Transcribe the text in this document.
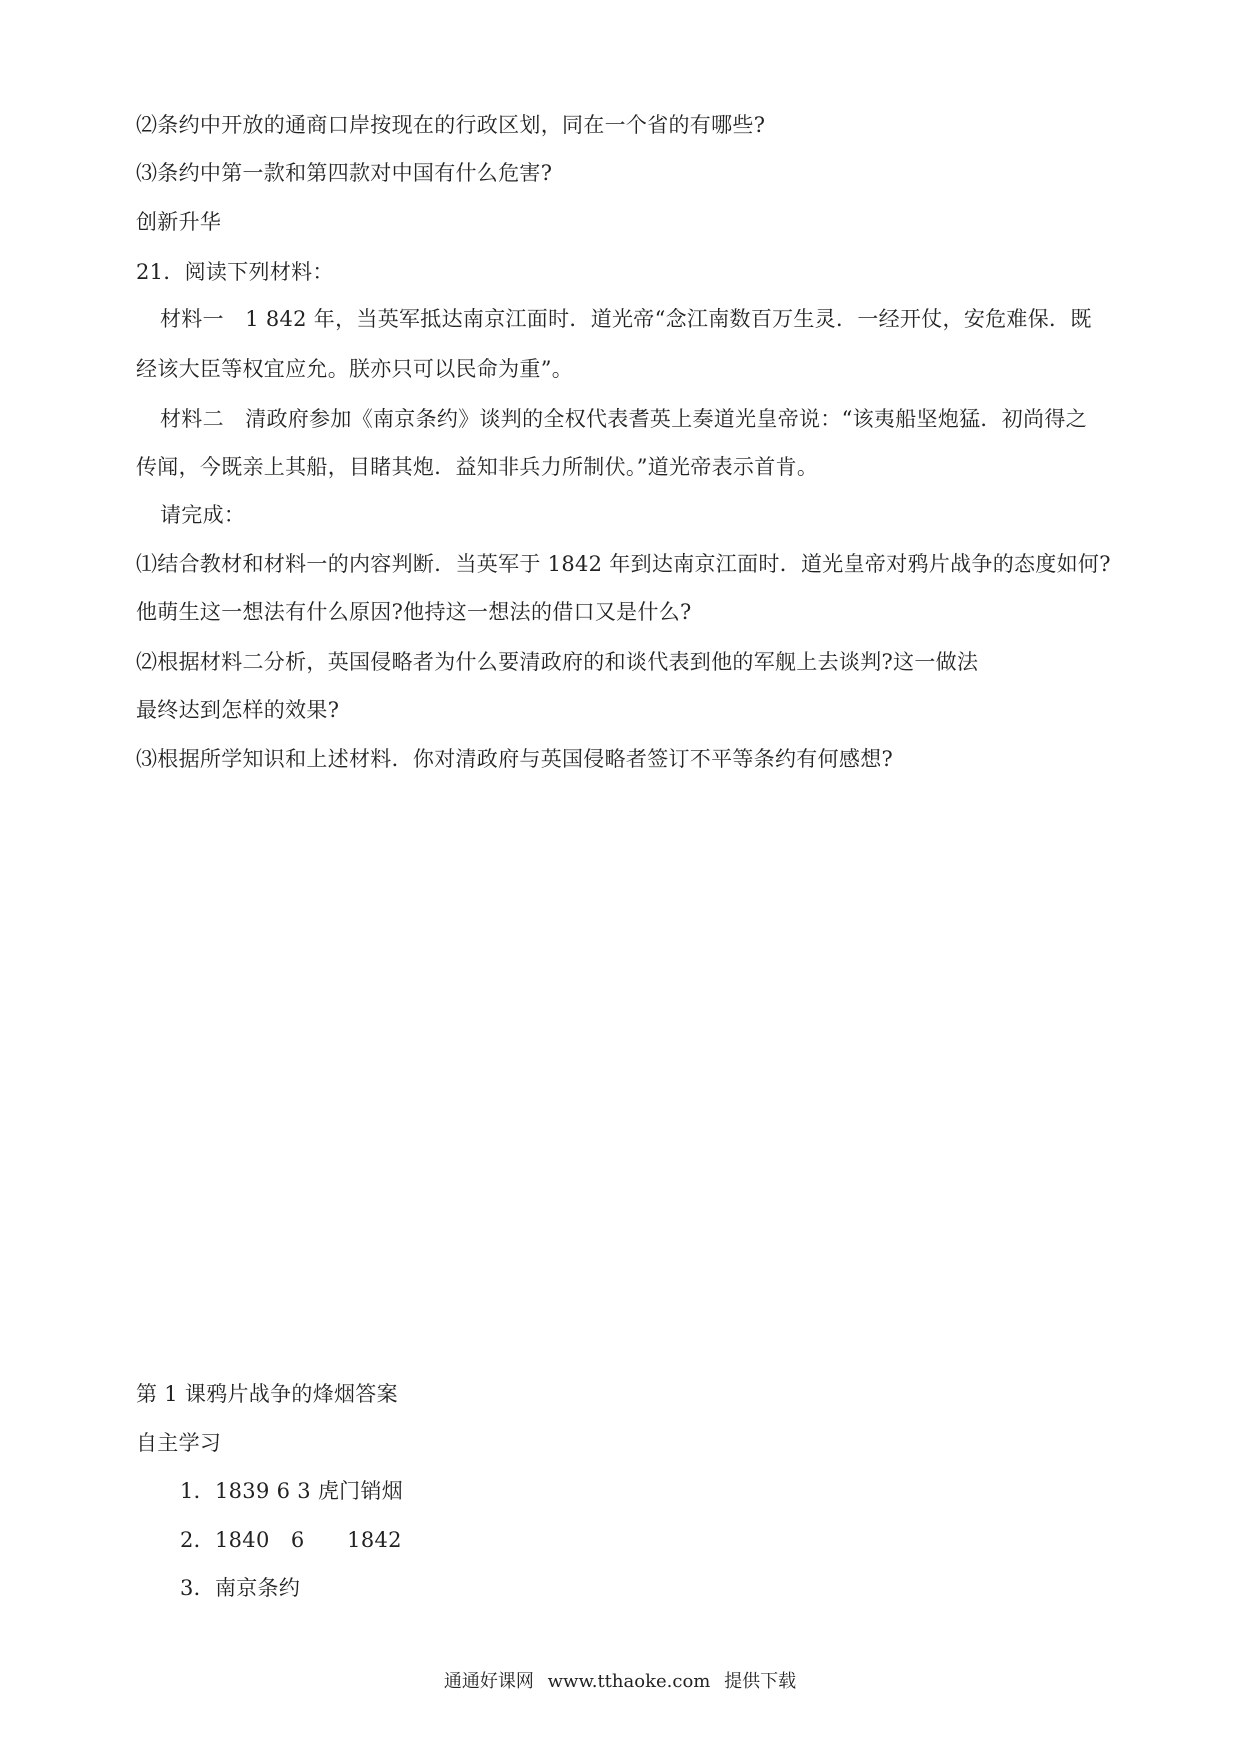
⑵条约中开放的通商口岸按现在的行政区划，同在一个省的有哪些?
⑶条约中第一款和第四款对中国有什么危害?
创新升华
21．阅读下列材料：
材料一　1 842 年，当英军抵达南京江面时．道光帝“念江南数百万生灵．一经开仗，安危难保．既
经该大臣等权宜应允。朕亦只可以民命为重”。
材料二　清政府参加《南京条约》谈判的全权代表耆英上奏道光皇帝说：“该夷船坚炮猛．初尚得之
传闻，今既亲上其船，目睹其炮．益知非兵力所制伏。”道光帝表示首肯。
请完成：
⑴结合教材和材料一的内容判断．当英军于 1842 年到达南京江面时．道光皇帝对鸦片战争的态度如何?
他萌生这一想法有什么原因?他持这一想法的借口又是什么?
⑵根据材料二分析，英国侵略者为什么要清政府的和谈代表到他的军舰上去谈判?这一做法
最终达到怎样的效果?
⑶根据所学知识和上述材料．你对清政府与英国侵略者签订不平等条约有何感想?
第 1 课鸦片战争的烽烟答案
自主学习
1．1839 6 3 虎门销烟
2．1840　6　　1842
3．南京条约
通通好课网 www.tthaoke.com 提供下载
